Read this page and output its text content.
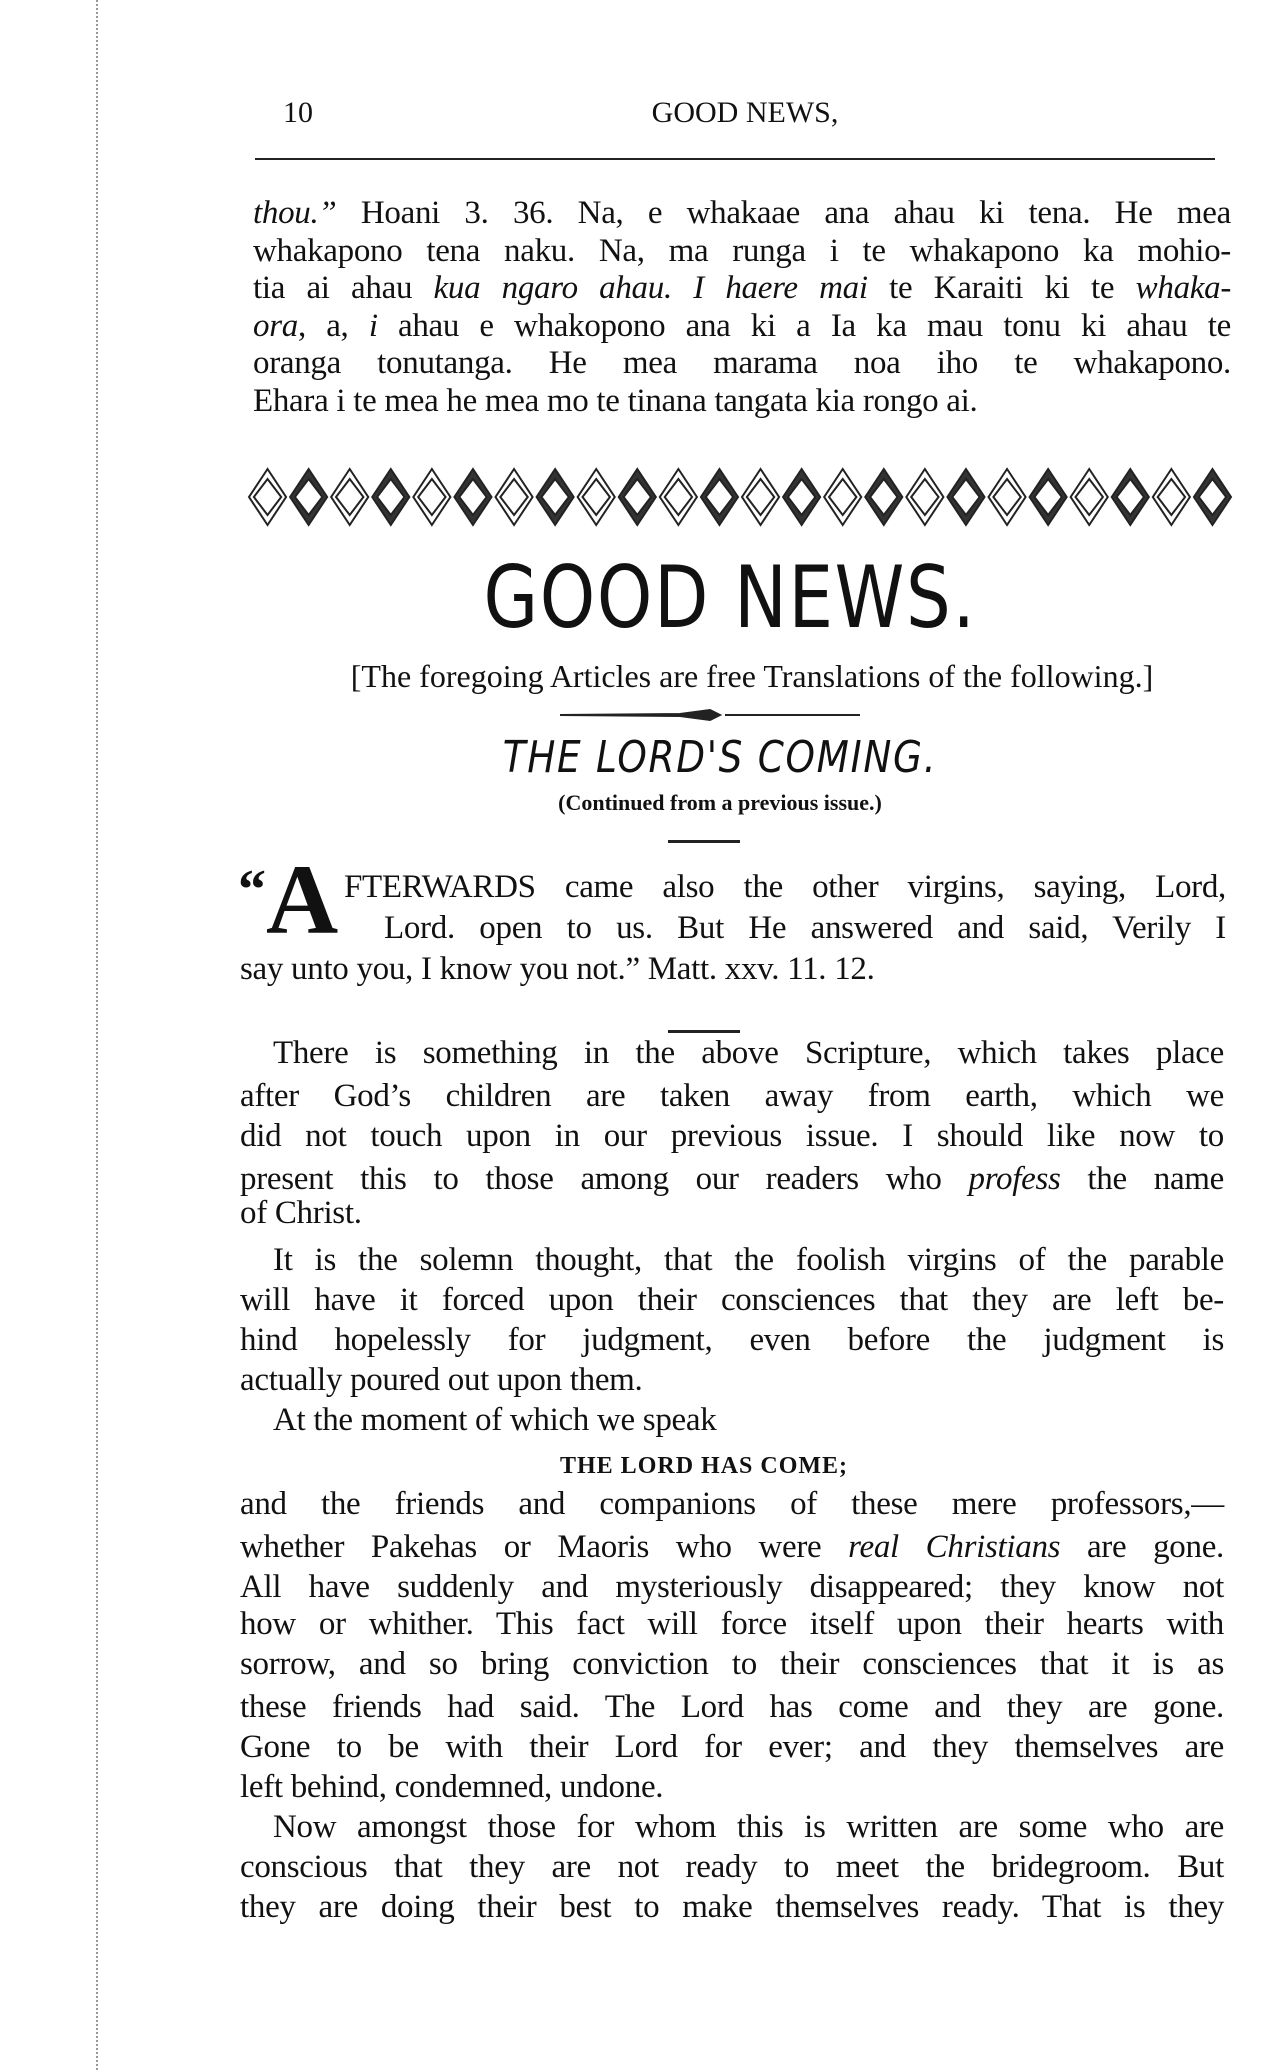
10	GOOD NEWS,
thou.” Hoani 3. 36. Na, e whakaae ana ahau ki tena. He mea
whakapono tena naku. Na, ma runga i te whakapono ka mohio-
tia ai ahau kua ngaro ahau. I haere mai te Karaiti ki te whaka-
ora, a, i ahau e whakopono ana ki a Ia ka mau tonu ki ahau te
oranga tonutanga. He mea marama noa iho te whakapono.
Ehara i te mea he mea mo te tinana tangata kia rongo ai.
GOOD NEWS.
[The foregoing Articles are free Translations of the following.]
THE LORD'S COMING.
(Continued from a previous issue.)
“ A FTERWARDS came also the other virgins, saying, Lord,
Lord. open to us. But He answered and said, Verily I
say unto you, I know you not.” Matt. xxv. 11. 12.
There is something in the above Scripture, which takes place
after God’s children are taken away from earth, which we
did not touch upon in our previous issue. I should like now to
present this to those among our readers who profess the name
of Christ.
It is the solemn thought, that the foolish virgins of the parable
will have it forced upon their consciences that they are left be-
hind hopelessly for judgment, even before the judgment is
actually poured out upon them.
At the moment of which we speak
THE LORD HAS COME;
and the friends and companions of these mere professors,—
whether Pakehas or Maoris who were real Christians are gone.
All have suddenly and mysteriously disappeared; they know not
how or whither. This fact will force itself upon their hearts with
sorrow, and so bring conviction to their consciences that it is as
these friends had said. The Lord has come and they are gone.
Gone to be with their Lord for ever; and they themselves are
left behind, condemned, undone.
Now amongst those for whom this is written are some who are
conscious that they are not ready to meet the bridegroom. But
they are doing their best to make themselves ready. That is they
